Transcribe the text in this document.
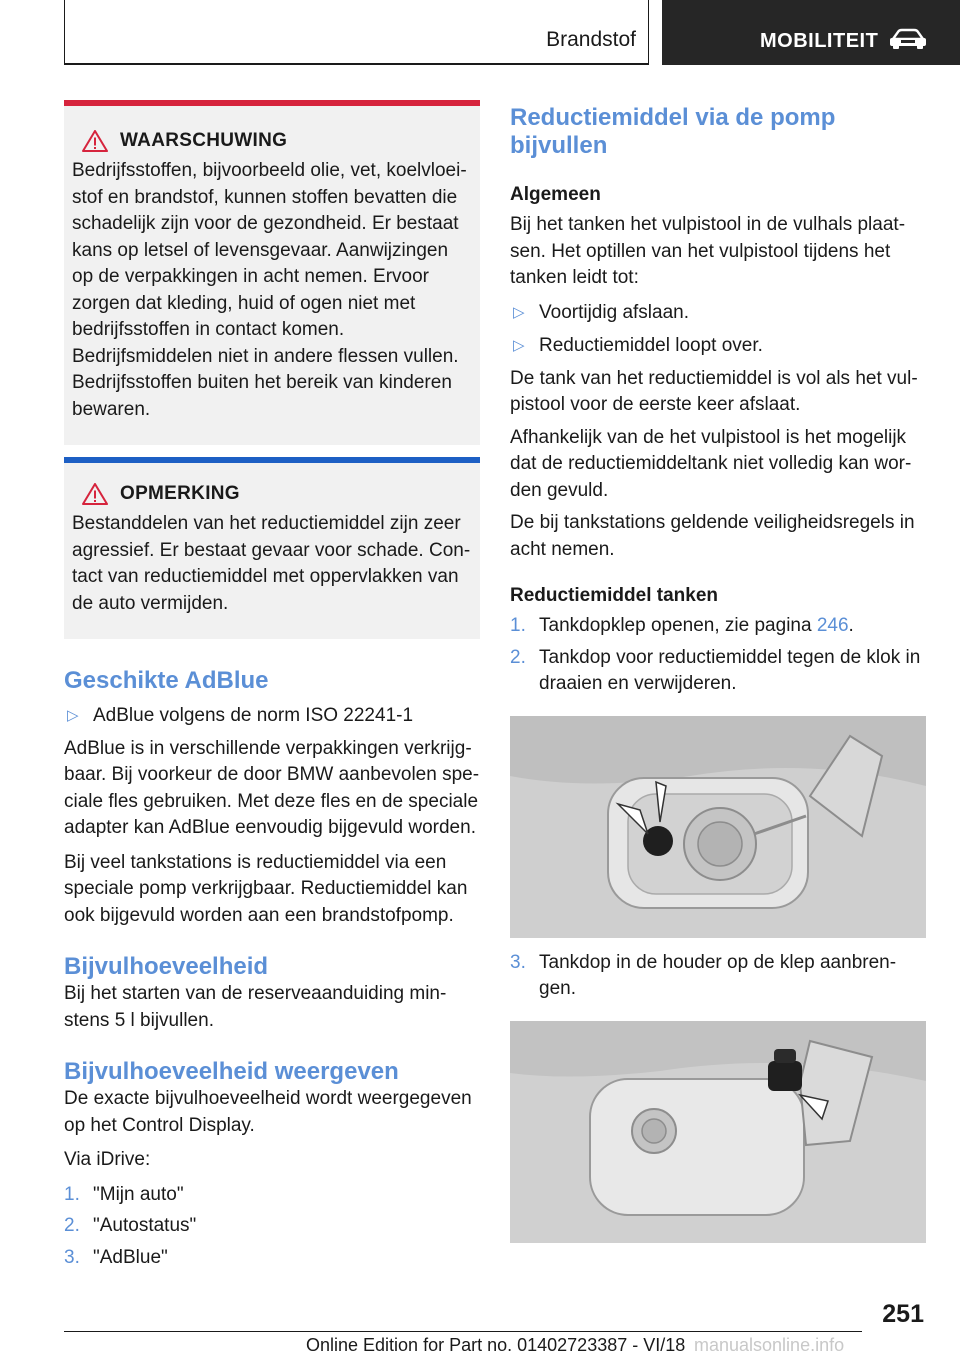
Brandstof	MOBILITEIT
WAARSCHUWING

Bedrijfsstoffen, bijvoorbeeld olie, vet, koelvloeistof en brandstof, kunnen stoffen bevatten die schadelijk zijn voor de gezondheid. Er bestaat kans op letsel of levensgevaar. Aanwijzingen op de verpakkingen in acht nemen. Ervoor zorgen dat kleding, huid of ogen niet met bedrijfsstoffen in contact komen. Bedrijfsmiddelen niet in andere flessen vullen. Bedrijfsstoffen buiten het bereik van kinderen bewaren.

OPMERKING

Bestanddelen van het reductiemiddel zijn zeer agressief. Er bestaat gevaar voor schade. Contact van reductiemiddel met oppervlakken van de auto vermijden.

Geschikte AdBlue
▷ AdBlue volgens de norm ISO 22241‑1

AdBlue is in verschillende verpakkingen verkrijgbaar. Bij voorkeur de door BMW aanbevolen speciale fles gebruiken. Met deze fles en de speciale adapter kan AdBlue eenvoudig bijgevuld worden.

Bij veel tankstations is reductiemiddel via een speciale pomp verkrijgbaar. Reductiemiddel kan ook bijgevuld worden aan een brandstofpomp.

Bijvulhoeveelheid

Bij het starten van de reserveaanduiding minstens 5 l bijvullen.

Bijvulhoeveelheid weergeven

De exacte bijvulhoeveelheid wordt weergegeven op het Control Display.

Via iDrive:

1. "Mijn auto"
2. "Autostatus"
3. "AdBlue"
Reductiemiddel via de pomp bijvullen
Algemeen

Bij het tanken het vulpistool in de vulhals plaatsen. Het optillen van het vulpistool tijdens het tanken leidt tot:

▷ Voortijdig afslaan.
▷ Reductiemiddel loopt over.

De tank van het reductiemiddel is vol als het vulpistool voor de eerste keer afslaat.

Afhankelijk van de het vulpistool is het mogelijk dat de reductiemiddeltank niet volledig kan worden gevuld.

De bij tankstations geldende veiligheidsregels in acht nemen.

Reductiemiddel tanken
1. Tankdopklep openen, zie pagina 246.
2. Tankdop voor reductiemiddel tegen de klok in draaien en verwijderen.
3. Tankdop in de houder op de klep aanbrengen.
251
Online Edition for Part no. 01402723387 - VI/18 manualsonline.info
